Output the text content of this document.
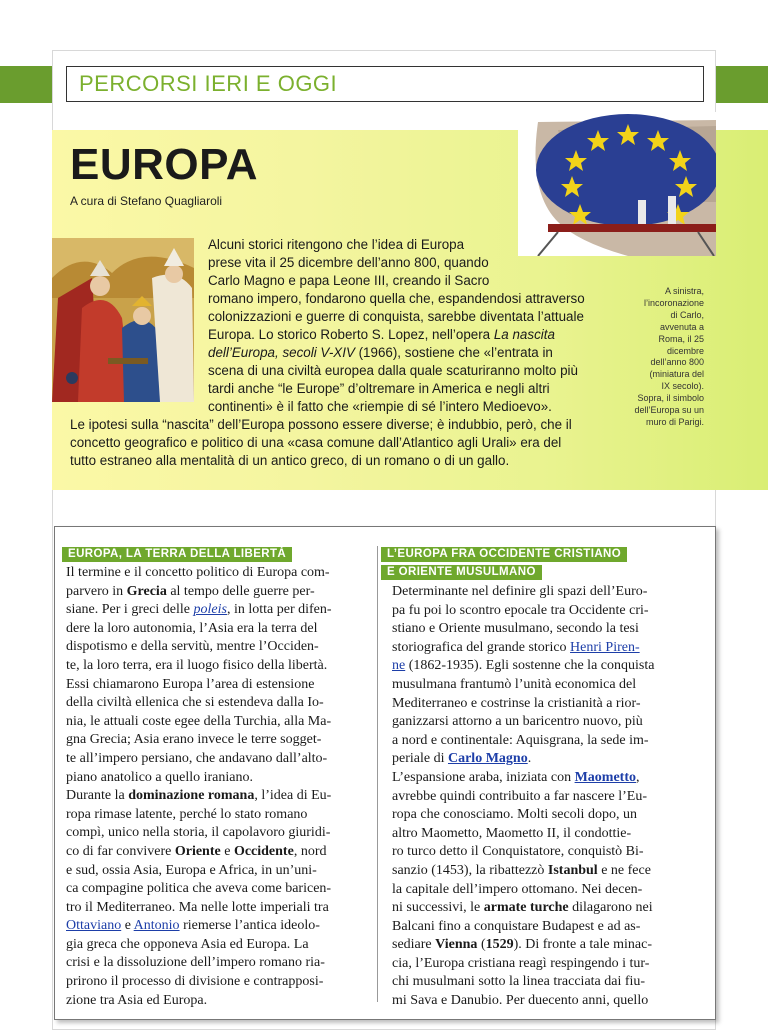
PERCORSI IERI E OGGI
EUROPA
A cura di Stefano Quagliaroli

Alcuni storici ritengono che l’idea di Europa
prese vita il 25 dicembre dell’anno 800, quando
Carlo Magno e papa Leone III, creando il Sacro
romano impero, fondarono quella che, espandendosi attraverso
colonizzazioni e guerre di conquista, sarebbe diventata l’attuale
Europa. Lo storico Roberto S. Lopez, nell’opera La nascita
dell’Europa, secoli V-XIV (1966), sostiene che «l’entrata in
scena di una civiltà europea dalla quale scaturiranno molto più
tardi anche “le Europe” d’oltremare in America e negli altri
continenti» è il fatto che «riempie di sé l’intero Medioevo».

Le ipotesi sulla “nascita” dell’Europa possono essere diverse; è indubbio, però, che il
concetto geografico e politico di una «casa comune dall’Atlantico agli Urali» era del
tutto estraneo alla mentalità di un antico greco, di un romano o di un gallo.

A sinistra,
l’incoronazione
di Carlo,
avvenuta a
Roma, il 25
dicembre
dell’anno 800
(miniatura del
IX secolo).
Sopra, il simbolo
dell’Europa su un
muro di Parigi.
EUROPA, LA TERRA DELLA LIBERTÀ	L’EUROPA FRA OCCIDENTE CRISTIANO
E ORIENTE MUSULMANO
Il termine e il concetto politico di Europa com-
parvero in Grecia al tempo delle guerre per-
siane. Per i greci delle poleis, in lotta per difen-
dere la loro autonomia, l’Asia era la terra del
dispotismo e della servitù, mentre l’Occiden-
te, la loro terra, era il luogo fisico della libertà.
Essi chiamarono Europa l’area di estensione
della civiltà ellenica che si estendeva dalla Io-
nia, le attuali coste egee della Turchia, alla Ma-
gna Grecia; Asia erano invece le terre sogget-
te all’impero persiano, che andavano dall’alto-
piano anatolico a quello iraniano.
Durante la dominazione romana, l’idea di Eu-
ropa rimase latente, perché lo stato romano
compì, unico nella storia, il capolavoro giuridi-
co di far convivere Oriente e Occidente, nord
e sud, ossia Asia, Europa e Africa, in un’uni-
ca compagine politica che aveva come baricen-
tro il Mediterraneo. Ma nelle lotte imperiali tra
Ottaviano e Antonio riemerse l’antica ideolo-
gia greca che opponeva Asia ed Europa. La
crisi e la dissoluzione dell’impero romano ria-
prirono il processo di divisione e contrapposi-
zione tra Asia ed Europa.
Determinante nel definire gli spazi dell’Euro-
pa fu poi lo scontro epocale tra Occidente cri-
stiano e Oriente musulmano, secondo la tesi
storiografica del grande storico Henri Piren-
ne (1862-1935). Egli sostenne che la conquista
musulmana frantumò l’unità economica del
Mediterraneo e costrinse la cristianità a rior-
ganizzarsi attorno a un baricentro nuovo, più
a nord e continentale: Aquisgrana, la sede im-
periale di Carlo Magno.
L’espansione araba, iniziata con Maometto,
avrebbe quindi contribuito a far nascere l’Eu-
ropa che conosciamo. Molti secoli dopo, un
altro Maometto, Maometto II, il condottie-
ro turco detto il Conquistatore, conquistò Bi-
sanzio (1453), la ribattezzò Istanbul e ne fece
la capitale dell’impero ottomano. Nei decen-
ni successivi, le armate turche dilagarono nei
Balcani fino a conquistare Budapest e ad as-
sediare Vienna (1529). Di fronte a tale minac-
cia, l’Europa cristiana reagì respingendo i tur-
chi musulmani sotto la linea tracciata dai fiu-
mi Sava e Danubio. Per duecento anni, quello
